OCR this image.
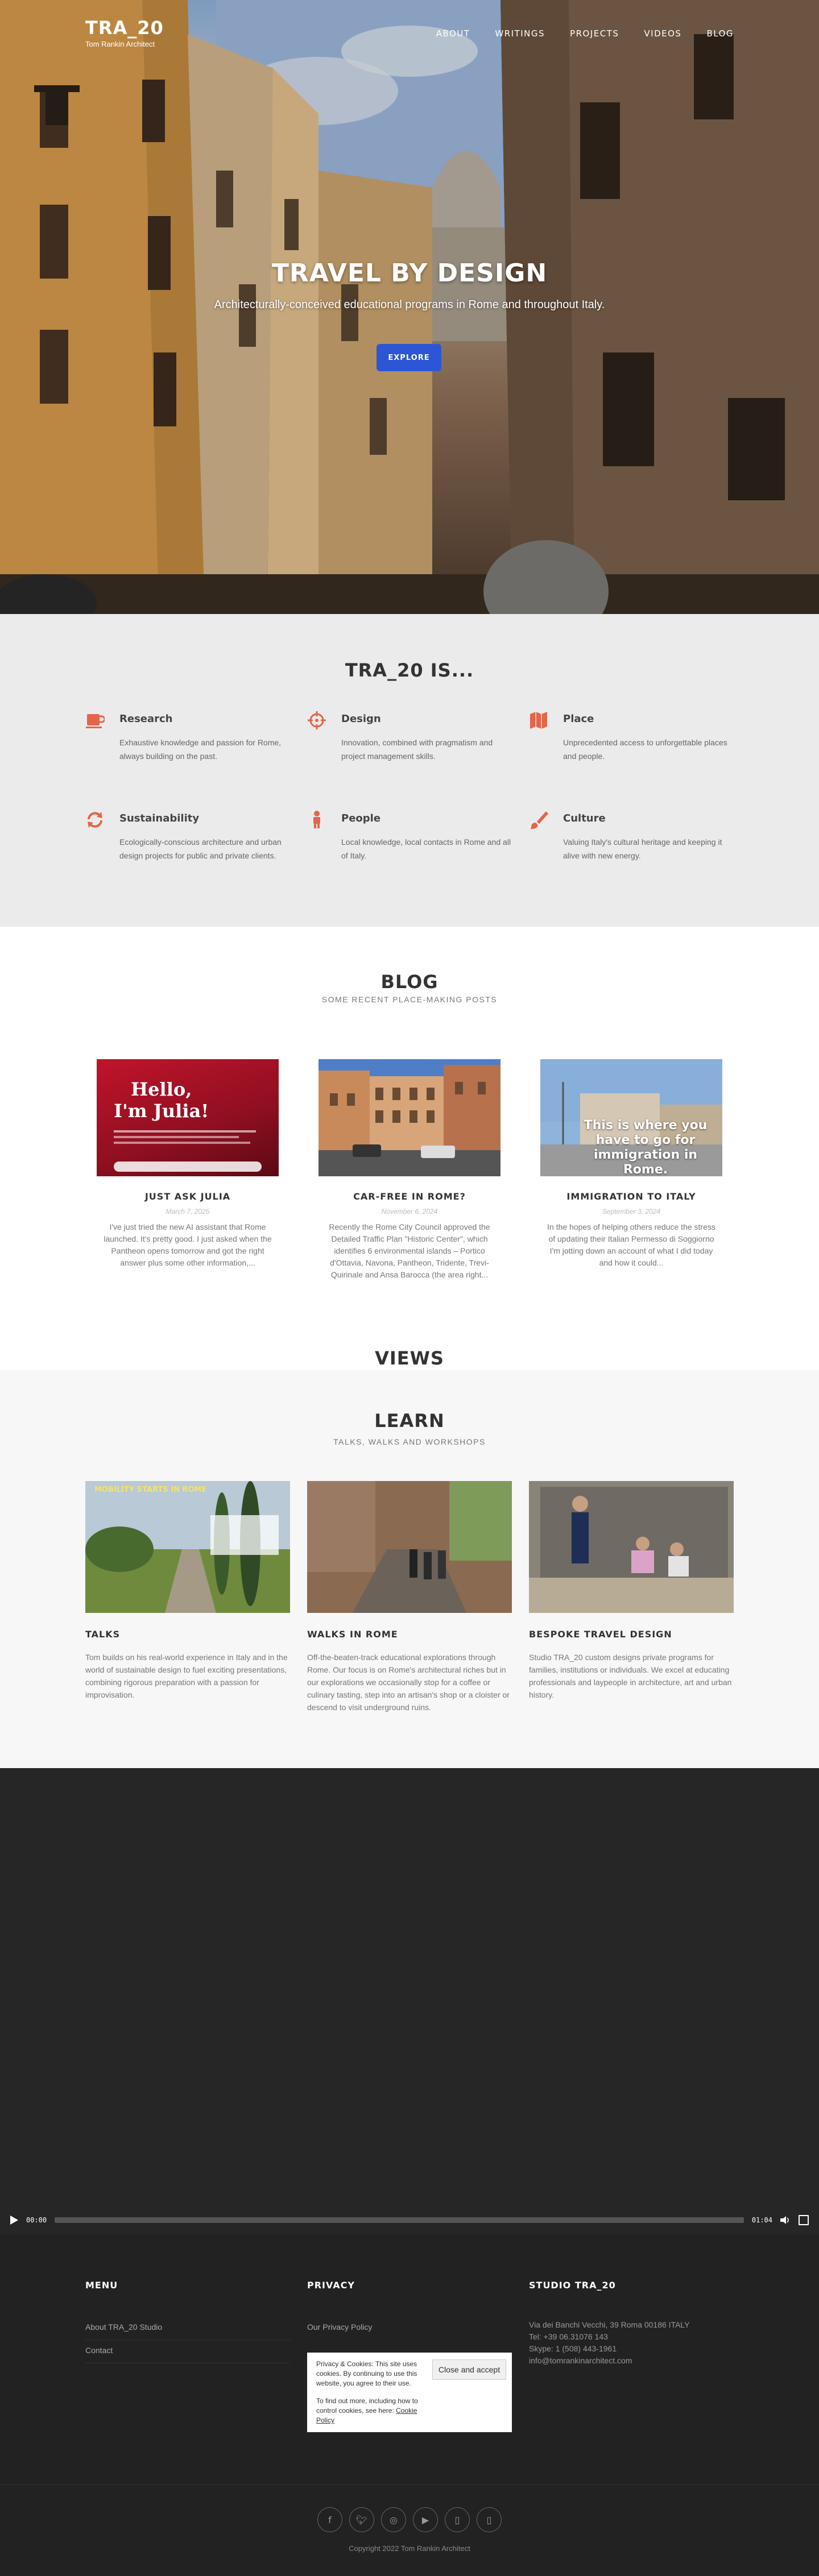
TRA_20
Tom Rankin Architect
ABOUT	WRITINGS	PROJECTS	VIDEOS	BLOG
TRAVEL BY DESIGN

Architecturally-conceived educational programs in Rome and throughout Italy.

EXPLORE
TRA_20 IS...
Research
Exhaustive knowledge and passion for Rome, always building on the past.
Design
Innovation, combined with pragmatism and project management skills.
Place
Unprecedented access to unforgettable places and people.
Sustainability
Ecologically-conscious architecture and urban design projects for public and private clients.
People
Local knowledge, local contacts in Rome and all of Italy.
Culture
Valuing Italy's cultural heritage and keeping it alive with new energy.
BLOG
SOME RECENT PLACE-MAKING POSTS
Hello,
I'm Julia!
JUST ASK JULIA
March 7, 2025
I've just tried the new AI assistant that Rome launched. It's pretty good. I just asked when the Pantheon opens tomorrow and got the right answer plus some other information,...
CAR-FREE IN ROME?
November 6, 2024
Recently the Rome City Council approved the Detailed Traffic Plan "Historic Center", which identifies 6 environmental islands – Portico d'Ottavia, Navona, Pantheon, Tridente, Trevi-Quirinale and Ansa Barocca (the area right...
This is where you have to go for immigration in Rome.
IMMIGRATION TO ITALY
September 3, 2024
In the hopes of helping others reduce the stress of updating their Italian Permesso di Soggiorno I'm jotting down an account of what I did today and how it could...
VIEWS
LEARN
TALKS, WALKS AND WORKSHOPS
MOBILITY STARTS IN ROME
TALKS
Tom builds on his real-world experience in Italy and in the world of sustainable design to fuel exciting presentations, combining rigorous preparation with a passion for improvisation.
WALKS IN ROME
Off-the-beaten-track educational explorations through Rome. Our focus is on Rome's architectural riches but in our explorations we occasionally stop for a coffee or culinary tasting, step into an artisan's shop or a cloister or descend to visit underground ruins.
BESPOKE TRAVEL DESIGN
Studio TRA_20 custom designs private programs for families, institutions or individuals. We excel at educating professionals and laypeople in architecture, art and urban history.
00:00	01:04
MENU
About TRA_20 Studio
Contact
PRIVACY
Our Privacy Policy
STUDIO TRA_20
Via dei Banchi Vecchi, 39 Roma 00186 ITALY
Tel: +39 06.31076 143
Skype: 1 (508) 443-1961
info@tomrankinarchitect.com
Privacy & Cookies: This site uses cookies. By continuing to use this website, you agree to their use.
To find out more, including how to control cookies, see here: Cookie Policy
Close and accept
f	🐦︎	◎	▶	▯	▯
Copyright 2022 Tom Rankin Architect
